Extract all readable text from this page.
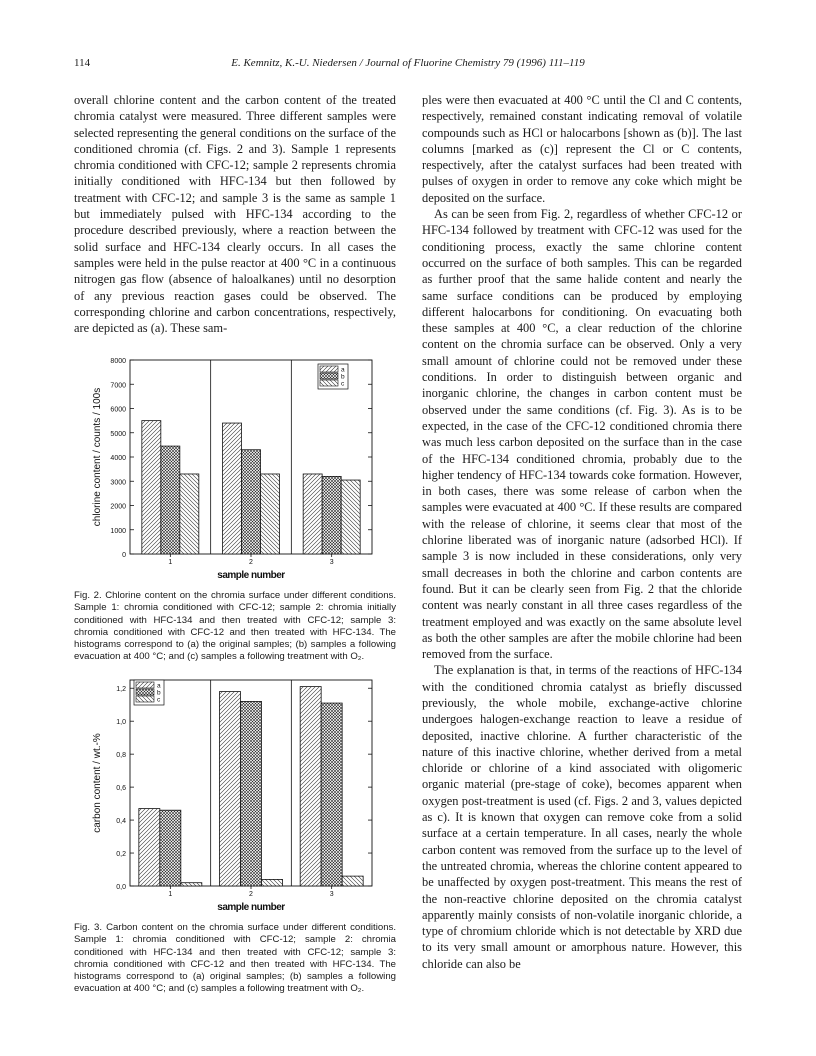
114	E. Kemnitz, K.-U. Niedersen / Journal of Fluorine Chemistry 79 (1996) 111–119

overall chlorine content and the carbon content of the treated chromia catalyst were measured. Three different samples were selected representing the general conditions on the surface of the conditioned chromia (cf. Figs. 2 and 3). Sample 1 represents chromia conditioned with CFC-12; sample 2 represents chromia initially conditioned with HFC-134 but then followed by treatment with CFC-12; and sample 3 is the same as sample 1 but immediately pulsed with HFC-134 according to the procedure described previously, where a reaction between the solid surface and HFC-134 clearly occurs. In all cases the samples were held in the pulse reactor at 400 °C in a continuous nitrogen gas flow (absence of haloalkanes) until no desorption of any previous reaction gases could be observed. The corresponding chlorine and carbon concentrations, respectively, are depicted as (a). These sam-

0
1000
2000
3000
4000
5000
6000
7000
8000
1	2	3
a
b
c
sample number
chlorine content / counts / 100s
Fig. 2. Chlorine content on the chromia surface under different conditions. Sample 1: chromia conditioned with CFC-12; sample 2: chromia initially conditioned with HFC-134 and then treated with CFC-12; sample 3: chromia conditioned with CFC-12 and then treated with HFC-134. The histograms correspond to (a) the original samples; (b) samples a following evacuation at 400 °C; and (c) samples a following treatment with O₂.
0,0
0,2
0,4
0,6
0,8
1,0
1,2
1	2	3
a
b
c
sample number
carbon content / wt.-%
Fig. 3. Carbon content on the chromia surface under different conditions. Sample 1: chromia conditioned with CFC-12; sample 2: chromia conditioned with HFC-134 and then treated with CFC-12; sample 3: chromia conditioned with CFC-12 and then treated with HFC-134. The histograms correspond to (a) original samples; (b) samples a following evacuation at 400 °C; and (c) samples a following treatment with O₂.

ples were then evacuated at 400 °C until the Cl and C contents, respectively, remained constant indicating removal of volatile compounds such as HCl or halocarbons [shown as (b)]. The last columns [marked as (c)] represent the Cl or C contents, respectively, after the catalyst surfaces had been treated with pulses of oxygen in order to remove any coke which might be deposited on the surface.

As can be seen from Fig. 2, regardless of whether CFC-12 or HFC-134 followed by treatment with CFC-12 was used for the conditioning process, exactly the same chlorine content occurred on the surface of both samples. This can be regarded as further proof that the same halide content and nearly the same surface conditions can be produced by employing different halocarbons for conditioning. On evacuating both these samples at 400 °C, a clear reduction of the chlorine content on the chromia surface can be observed. Only a very small amount of chlorine could not be removed under these conditions. In order to distinguish between organic and inorganic chlorine, the changes in carbon content must be observed under the same conditions (cf. Fig. 3). As is to be expected, in the case of the CFC-12 conditioned chromia there was much less carbon deposited on the surface than in the case of the HFC-134 conditioned chromia, probably due to the higher tendency of HFC-134 towards coke formation. However, in both cases, there was some release of carbon when the samples were evacuated at 400 °C. If these results are compared with the release of chlorine, it seems clear that most of the chlorine liberated was of inorganic nature (adsorbed HCl). If sample 3 is now included in these considerations, only very small decreases in both the chlorine and carbon contents are found. But it can be clearly seen from Fig. 2 that the chloride content was nearly constant in all three cases regardless of the treatment employed and was exactly on the same absolute level as both the other samples are after the mobile chlorine had been removed from the surface.

The explanation is that, in terms of the reactions of HFC-134 with the conditioned chromia catalyst as briefly discussed previously, the whole mobile, exchange-active chlorine undergoes halogen-exchange reaction to leave a residue of deposited, inactive chlorine. A further characteristic of the nature of this inactive chlorine, whether derived from a metal chloride or chlorine of a kind associated with oligomeric organic material (pre-stage of coke), becomes apparent when oxygen post-treatment is used (cf. Figs. 2 and 3, values depicted as c). It is known that oxygen can remove coke from a solid surface at a certain temperature. In all cases, nearly the whole carbon content was removed from the surface up to the level of the untreated chromia, whereas the chlorine content appeared to be unaffected by oxygen post-treatment. This means the rest of the non-reactive chlorine deposited on the chromia catalyst apparently mainly consists of non-volatile inorganic chloride, a type of chromium chloride which is not detectable by XRD due to its very small amount or amorphous nature. However, this chloride can also be
